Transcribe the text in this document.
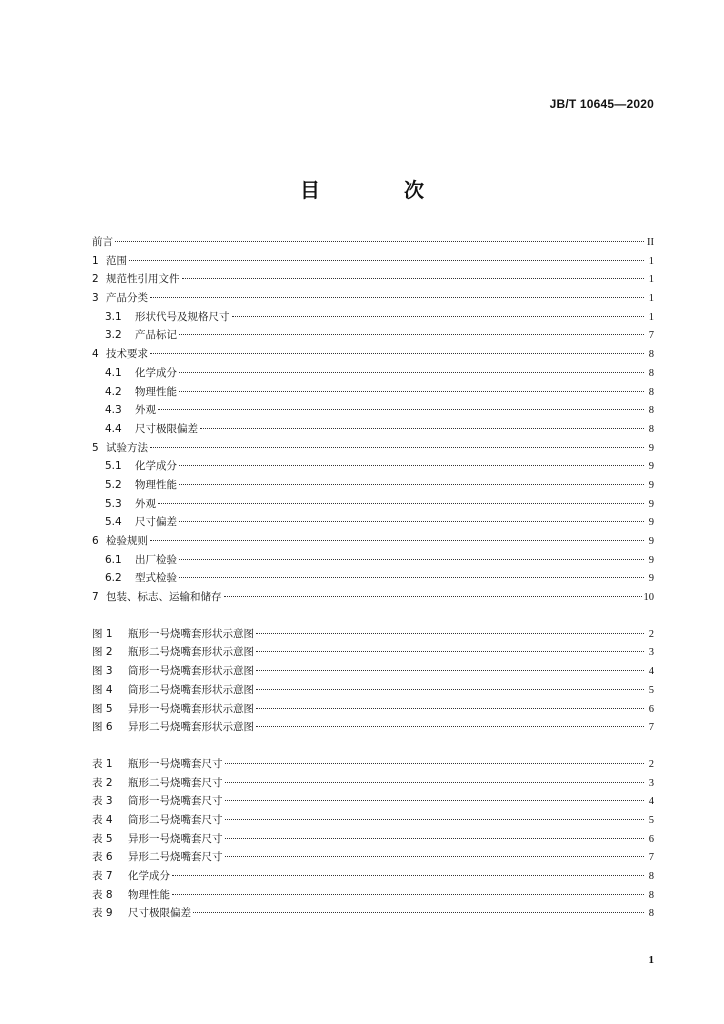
JB/T 10645—2020
目　次
前言	II
1 范围	1
2 规范性引用文件	1
3 产品分类	1
3.1	形状代号及规格尺寸	1
3.2	产品标记	7
4 技术要求	8
4.1	化学成分	8
4.2	物理性能	8
4.3	外观	8
4.4	尺寸极限偏差	8
5 试验方法	9
5.1	化学成分	9
5.2	物理性能	9
5.3	外观	9
5.4	尺寸偏差	9
6 检验规则	9
6.1	出厂检验	9
6.2	型式检验	9
7 包装、标志、运输和储存	10
图 1	瓶形一号烧嘴套形状示意图	2
图 2	瓶形二号烧嘴套形状示意图	3
图 3	筒形一号烧嘴套形状示意图	4
图 4	筒形二号烧嘴套形状示意图	5
图 5	异形一号烧嘴套形状示意图	6
图 6	异形二号烧嘴套形状示意图	7
表 1	瓶形一号烧嘴套尺寸	2
表 2	瓶形二号烧嘴套尺寸	3
表 3	筒形一号烧嘴套尺寸	4
表 4	筒形二号烧嘴套尺寸	5
表 5	异形一号烧嘴套尺寸	6
表 6	异形二号烧嘴套尺寸	7
表 7	化学成分	8
表 8	物理性能	8
表 9	尺寸极限偏差	8
1
